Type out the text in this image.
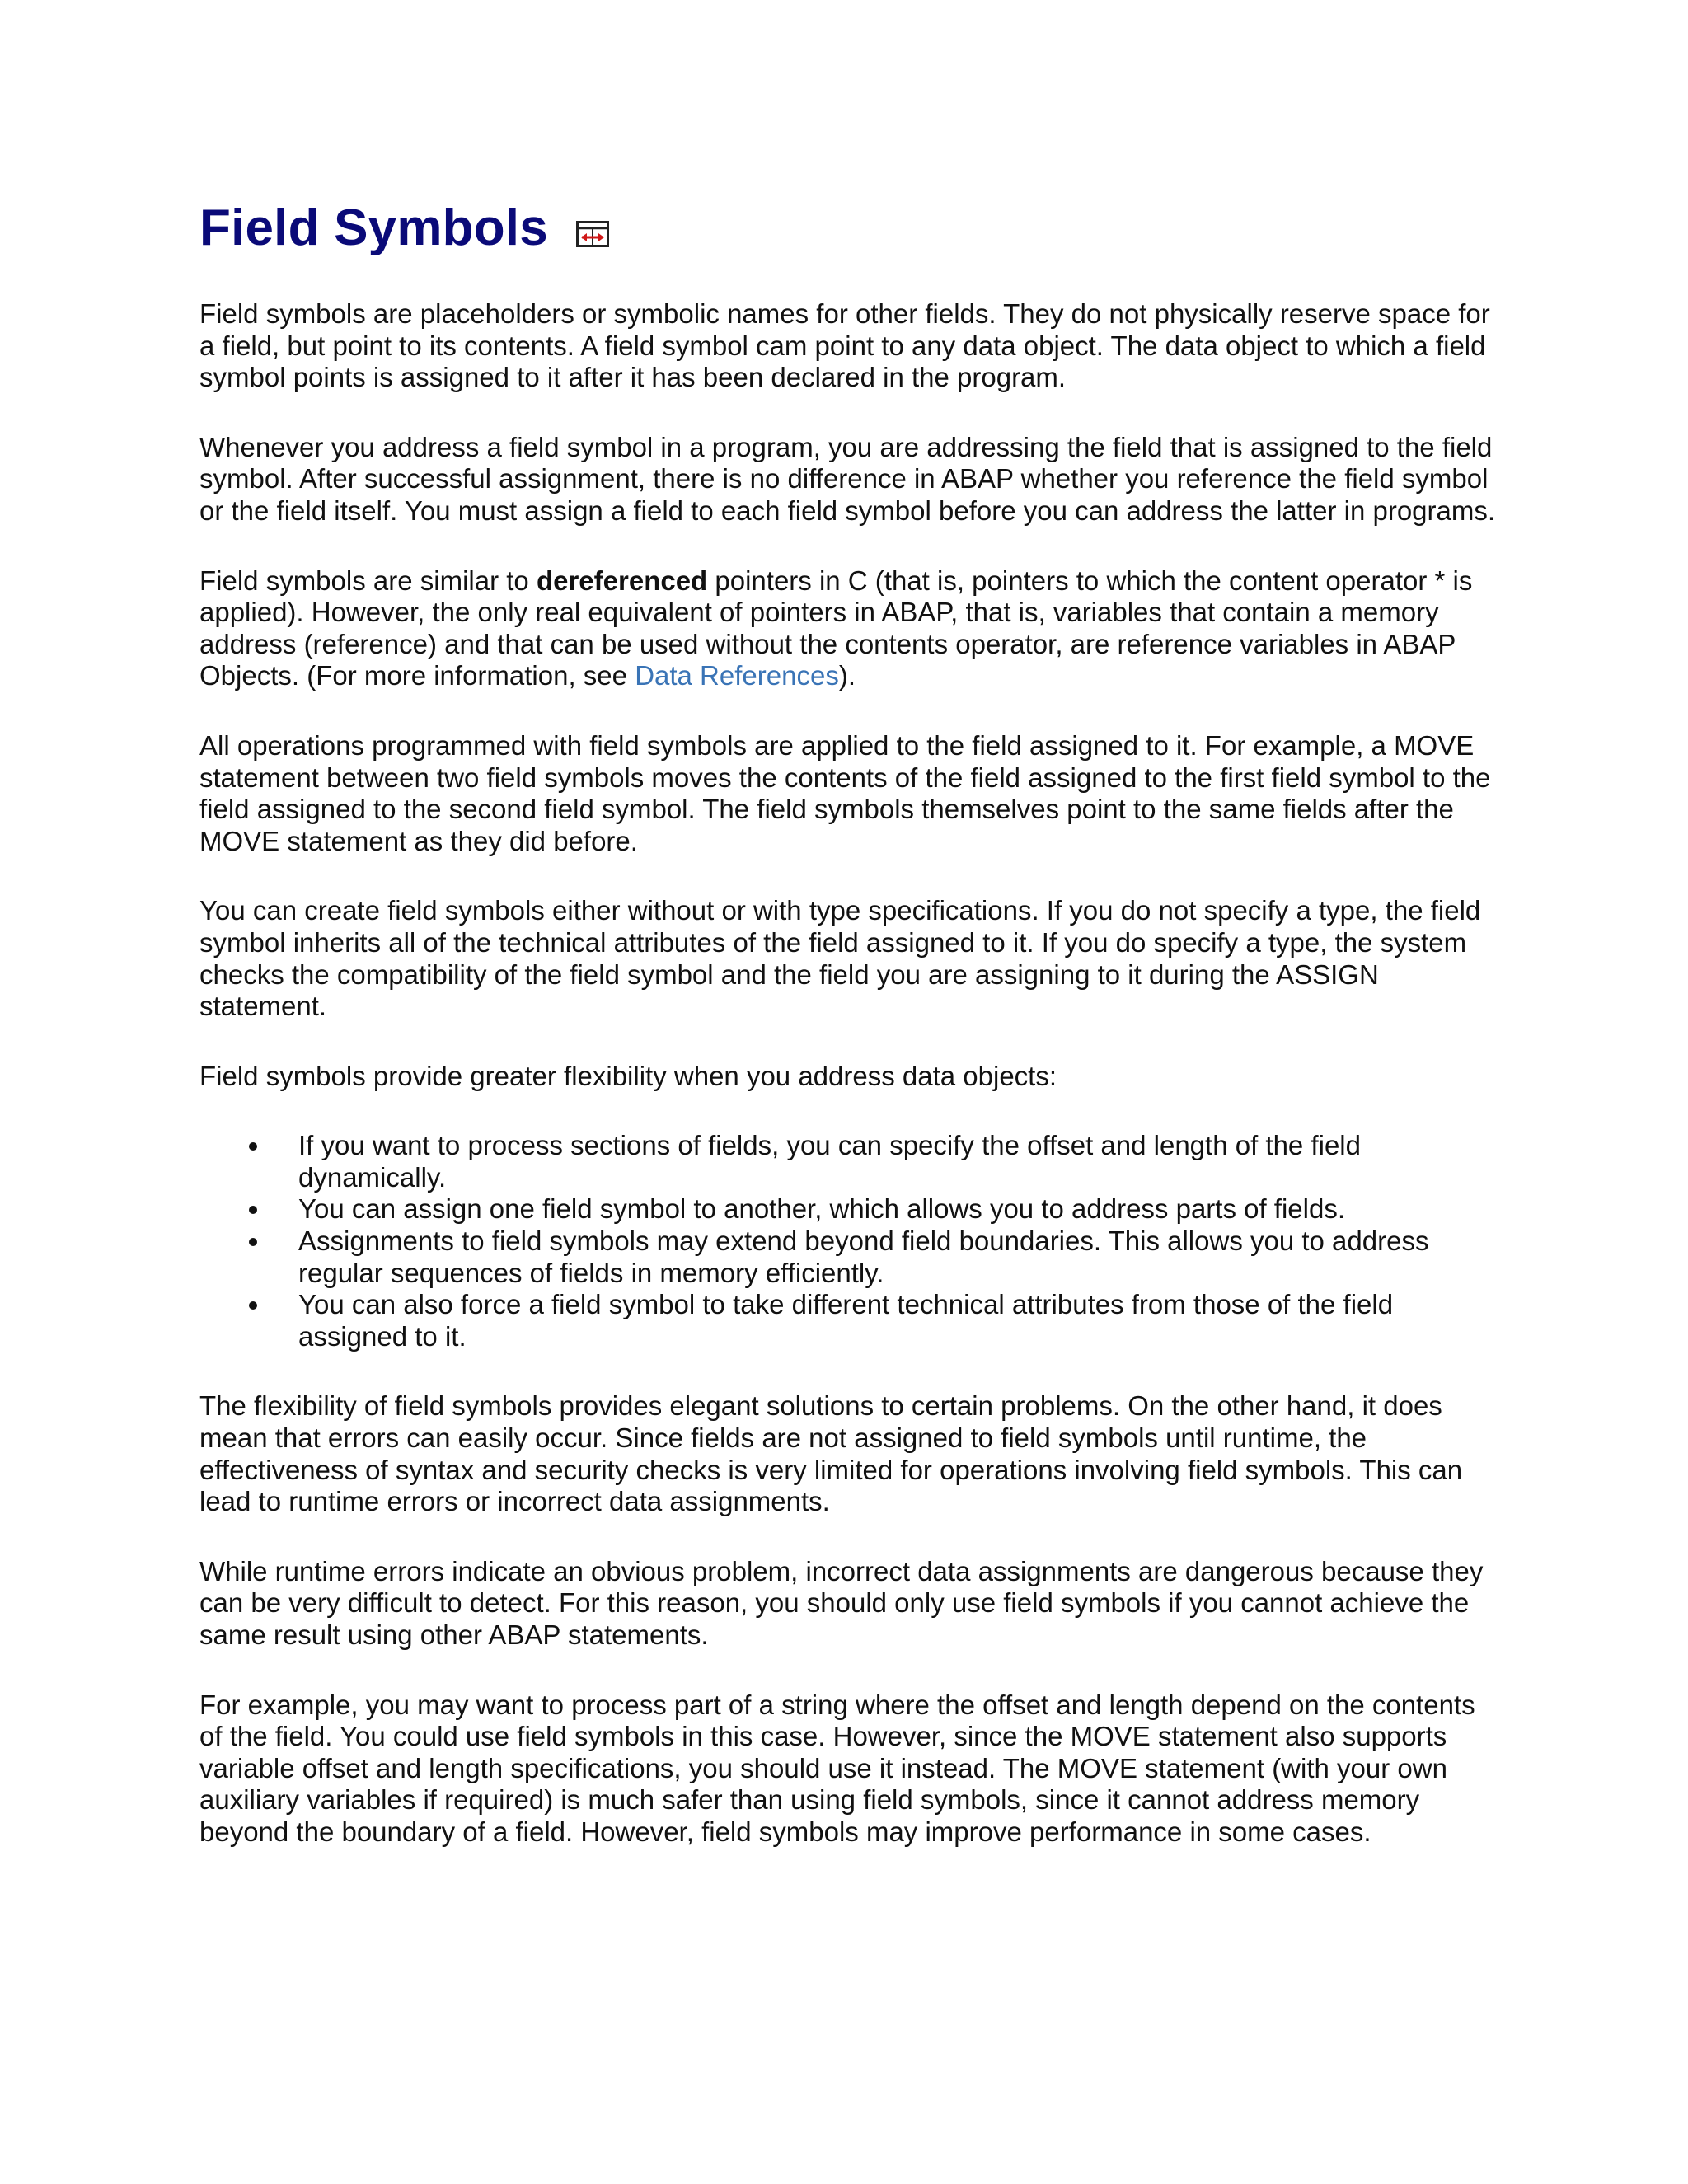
Field Symbols

Field symbols are placeholders or symbolic names for other fields. They do not physically reserve space for a field, but point to its contents. A field symbol cam point to any data object. The data object to which a field symbol points is assigned to it after it has been declared in the program.

Whenever you address a field symbol in a program, you are addressing the field that is assigned to the field symbol. After successful assignment, there is no difference in ABAP whether you reference the field symbol or the field itself. You must assign a field to each field symbol before you can address the latter in programs.

Field symbols are similar to dereferenced pointers in C (that is, pointers to which the content operator * is applied). However, the only real equivalent of pointers in ABAP, that is, variables that contain a memory address (reference) and that can be used without the contents operator, are reference variables in ABAP Objects. (For more information, see Data References).

All operations programmed with field symbols are applied to the field assigned to it. For example, a MOVE statement between two field symbols moves the contents of the field assigned to the first field symbol to the field assigned to the second field symbol. The field symbols themselves point to the same fields after the MOVE statement as they did before.

You can create field symbols either without or with type specifications. If you do not specify a type, the field symbol inherits all of the technical attributes of the field assigned to it. If you do specify a type, the system checks the compatibility of the field symbol and the field you are assigning to it during the ASSIGN statement.

Field symbols provide greater flexibility when you address data objects:

If you want to process sections of fields, you can specify the offset and length of the field dynamically.
You can assign one field symbol to another, which allows you to address parts of fields.
Assignments to field symbols may extend beyond field boundaries. This allows you to address regular sequences of fields in memory efficiently.
You can also force a field symbol to take different technical attributes from those of the field assigned to it.

The flexibility of field symbols provides elegant solutions to certain problems. On the other hand, it does mean that errors can easily occur. Since fields are not assigned to field symbols until runtime, the effectiveness of syntax and security checks is very limited for operations involving field symbols. This can lead to runtime errors or incorrect data assignments.

While runtime errors indicate an obvious problem, incorrect data assignments are dangerous because they can be very difficult to detect. For this reason, you should only use field symbols if you cannot achieve the same result using other ABAP statements.

For example, you may want to process part of a string where the offset and length depend on the contents of the field. You could use field symbols in this case. However, since the MOVE statement also supports variable offset and length specifications, you should use it instead. The MOVE statement (with your own auxiliary variables if required) is much safer than using field symbols, since it cannot address memory beyond the boundary of a field. However, field symbols may improve performance in some cases.
